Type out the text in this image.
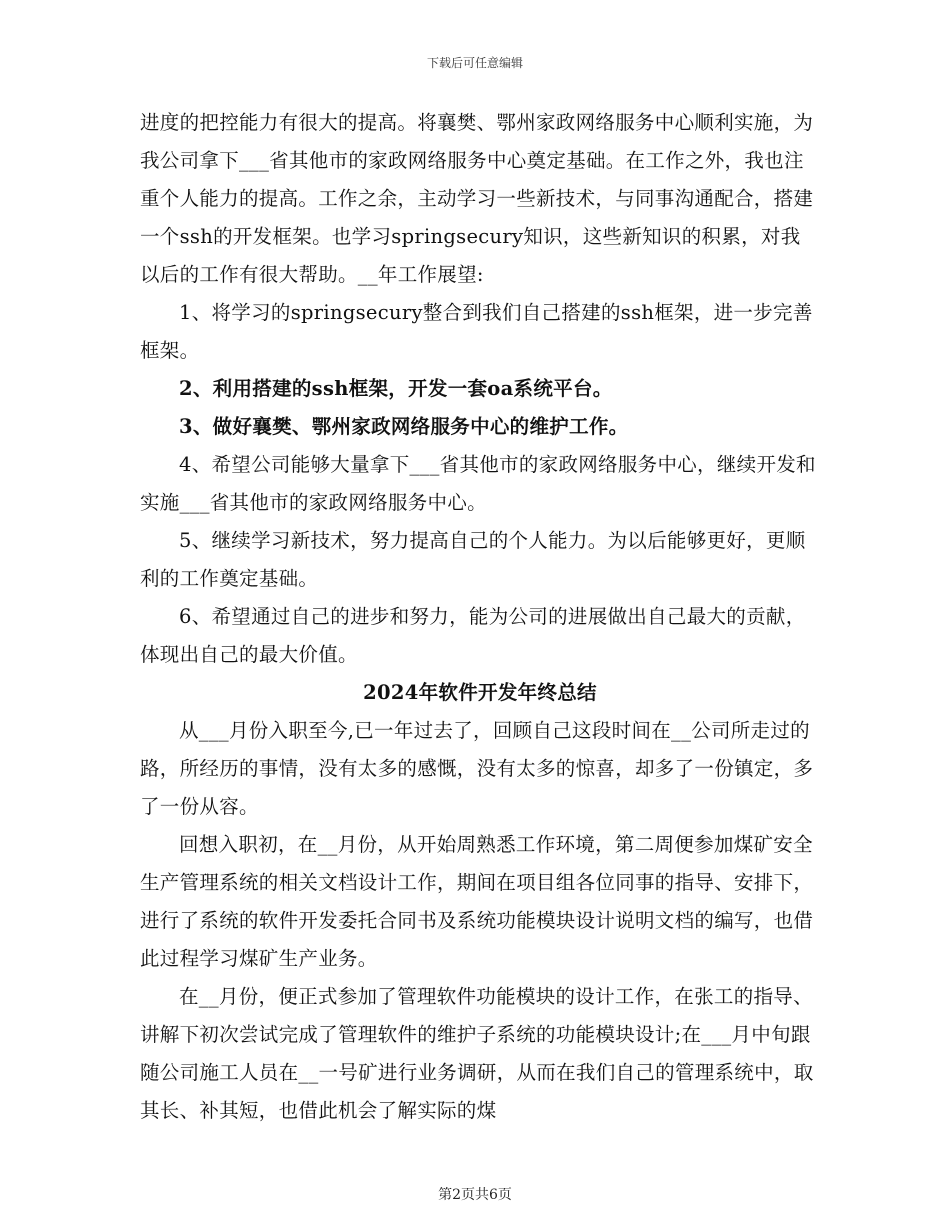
下载后可任意编辑

进度的把控能力有很大的提高。将襄樊、鄂州家政网络服务中心顺利实施，为我公司拿下___省其他市的家政网络服务中心奠定基础。在工作之外，我也注重个人能力的提高。工作之余，主动学习一些新技术，与同事沟通配合，搭建一个ssh的开发框架。也学习springsecury知识，这些新知识的积累，对我以后的工作有很大帮助。__年工作展望:

1、将学习的springsecury整合到我们自己搭建的ssh框架，进一步完善框架。

2、利用搭建的ssh框架，开发一套oa系统平台。

3、做好襄樊、鄂州家政网络服务中心的维护工作。

4、希望公司能够大量拿下___省其他市的家政网络服务中心，继续开发和实施___省其他市的家政网络服务中心。

5、继续学习新技术，努力提高自己的个人能力。为以后能够更好，更顺利的工作奠定基础。

6、希望通过自己的进步和努力，能为公司的进展做出自己最大的贡献，体现出自己的最大价值。

2024年软件开发年终总结

从___月份入职至今,已一年过去了，回顾自己这段时间在__公司所走过的路，所经历的事情，没有太多的感慨，没有太多的惊喜，却多了一份镇定，多了一份从容。

回想入职初，在__月份，从开始周熟悉工作环境，第二周便参加煤矿安全生产管理系统的相关文档设计工作，期间在项目组各位同事的指导、安排下，进行了系统的软件开发委托合同书及系统功能模块设计说明文档的编写，也借此过程学习煤矿生产业务。

在__月份，便正式参加了管理软件功能模块的设计工作，在张工的指导、讲解下初次尝试完成了管理软件的维护子系统的功能模块设计;在___月中旬跟随公司施工人员在__一号矿进行业务调研，从而在我们自己的管理系统中，取其长、补其短，也借此机会了解实际的煤

第2页共6页
